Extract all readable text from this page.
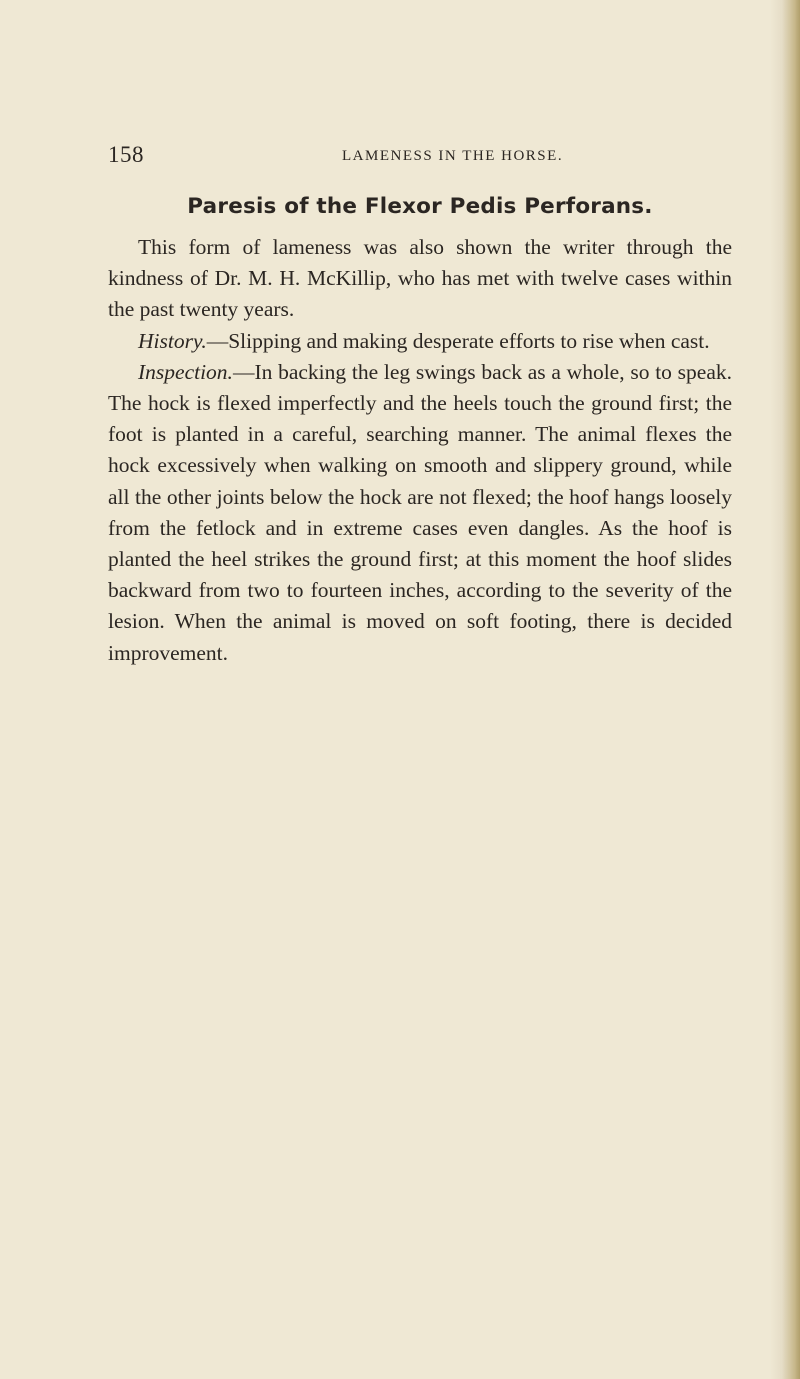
158	LAMENESS IN THE HORSE.
Paresis of the Flexor Pedis Perforans.

This form of lameness was also shown the writer through the kindness of Dr. M. H. McKillip, who has met with twelve cases within the past twenty years.

History.—Slipping and making desperate efforts to rise when cast.

Inspection.—In backing the leg swings back as a whole, so to speak. The hock is flexed imperfectly and the heels touch the ground first; the foot is planted in a careful, searching manner. The animal flexes the hock excessively when walking on smooth and slippery ground, while all the other joints below the hock are not flexed; the hoof hangs loosely from the fetlock and in extreme cases even dangles. As the hoof is planted the heel strikes the ground first; at this moment the hoof slides backward from two to fourteen inches, according to the severity of the lesion. When the animal is moved on soft footing, there is decided improvement.
